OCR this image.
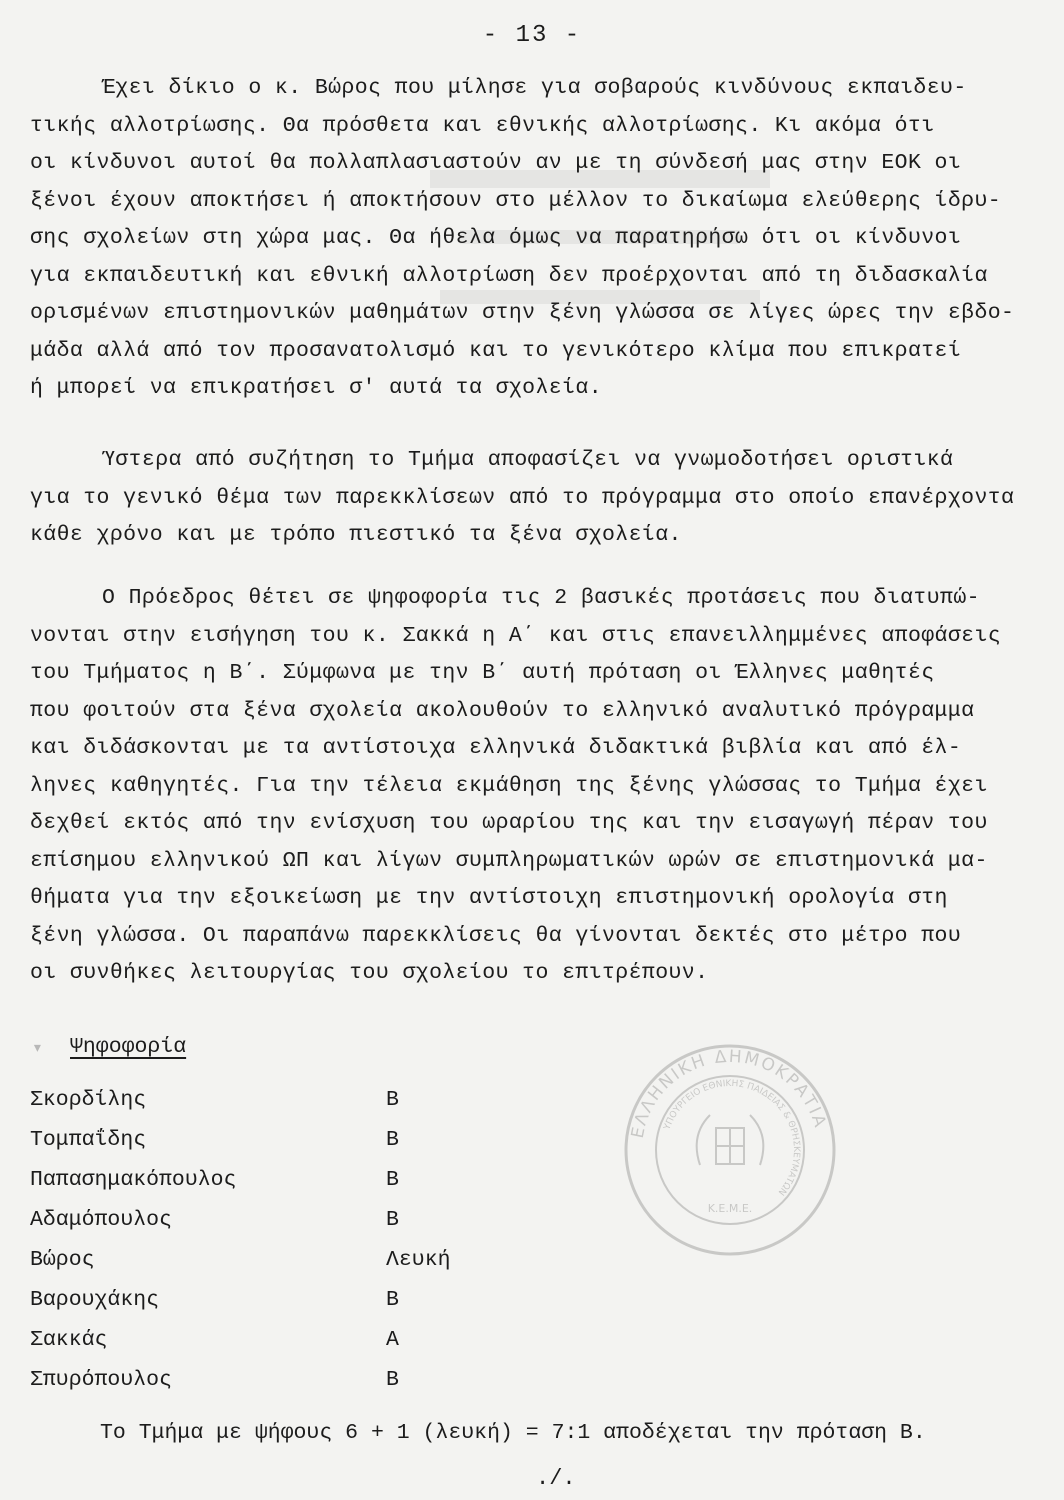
- 13 -
Έχει δίκιο ο κ. Βώρος που μίλησε για σοβαρούς κινδύνους εκπαιδευ-
τικής αλλοτρίωσης. Θα πρόσθετα και εθνικής αλλοτρίωσης. Κι ακόμα ότι
οι κίνδυνοι αυτοί θα πολλαπλασιαστούν αν με τη σύνδεσή μας στην ΕΟΚ οι
ξένοι έχουν αποκτήσει ή αποκτήσουν στο μέλλον το δικαίωμα ελεύθερης ίδρυ-
σης σχολείων στη χώρα μας. Θα ήθελα όμως να παρατηρήσω ότι οι κίνδυνοι
για εκπαιδευτική και εθνική αλλοτρίωση δεν προέρχονται από τη διδασκαλία
ορισμένων επιστημονικών μαθημάτων στην ξένη γλώσσα σε λίγες ώρες την εβδο-
μάδα αλλά από τον προσανατολισμό και το γενικότερο κλίμα που επικρατεί
ή μπορεί να επικρατήσει σ' αυτά τα σχολεία.
Ύστερα από συζήτηση το Τμήμα αποφασίζει να γνωμοδοτήσει οριστικά
για το γενικό θέμα των παρεκκλίσεων από το πρόγραμμα στο οποίο επανέρχοντα
κάθε χρόνο και με τρόπο πιεστικό τα ξένα σχολεία.
Ο Πρόεδρος θέτει σε ψηφοφορία τις 2 βασικές προτάσεις που διατυπώ-
νονται στην εισήγηση του κ. Σακκά η Α΄ και στις επανειλλημμένες αποφάσεις
του Τμήματος η Β΄. Σύμφωνα με την Β΄ αυτή πρόταση οι Έλληνες μαθητές
που φοιτούν στα ξένα σχολεία ακολουθούν το ελληνικό αναλυτικό πρόγραμμα
και διδάσκονται με τα αντίστοιχα ελληνικά διδακτικά βιβλία και από έλ-
ληνες καθηγητές. Για την τέλεια εκμάθηση της ξένης γλώσσας το Τμήμα έχει
δεχθεί εκτός από την ενίσχυση του ωραρίου της και την εισαγωγή πέραν του
επίσημου ελληνικού ΩΠ και λίγων συμπληρωματικών ωρών σε επιστημονικά μα-
θήματα για την εξοικείωση με την αντίστοιχη επιστημονική ορολογία στη
ξένη γλώσσα. Οι παραπάνω παρεκκλίσεις θα γίνονται δεκτές στο μέτρο που
οι συνθήκες λειτουργίας του σχολείου το επιτρέπουν.
▾ Ψηφοφορία
Σκορδίλης	Β
Τομπαΐδης	Β
Παπασημακόπουλος	Β
Αδαμόπουλος	Β
Βώρος	Λευκή
Βαρουχάκης	Β
Σακκάς	Α
Σπυρόπουλος	Β
ΕΛΛΗΝΙΚΗ ΔΗΜΟΚΡΑΤΙΑ
ΥΠΟΥΡΓΕΙΟ ΕΘΝΙΚΗΣ ΠΑΙΔΕΙΑΣ & ΘΡΗΣΚΕΥΜΑΤΩΝ
Κ.Ε.Μ.Ε.
Το Τμήμα με ψήφους 6 + 1 (λευκή) = 7:1 αποδέχεται την πρόταση Β.
./.
